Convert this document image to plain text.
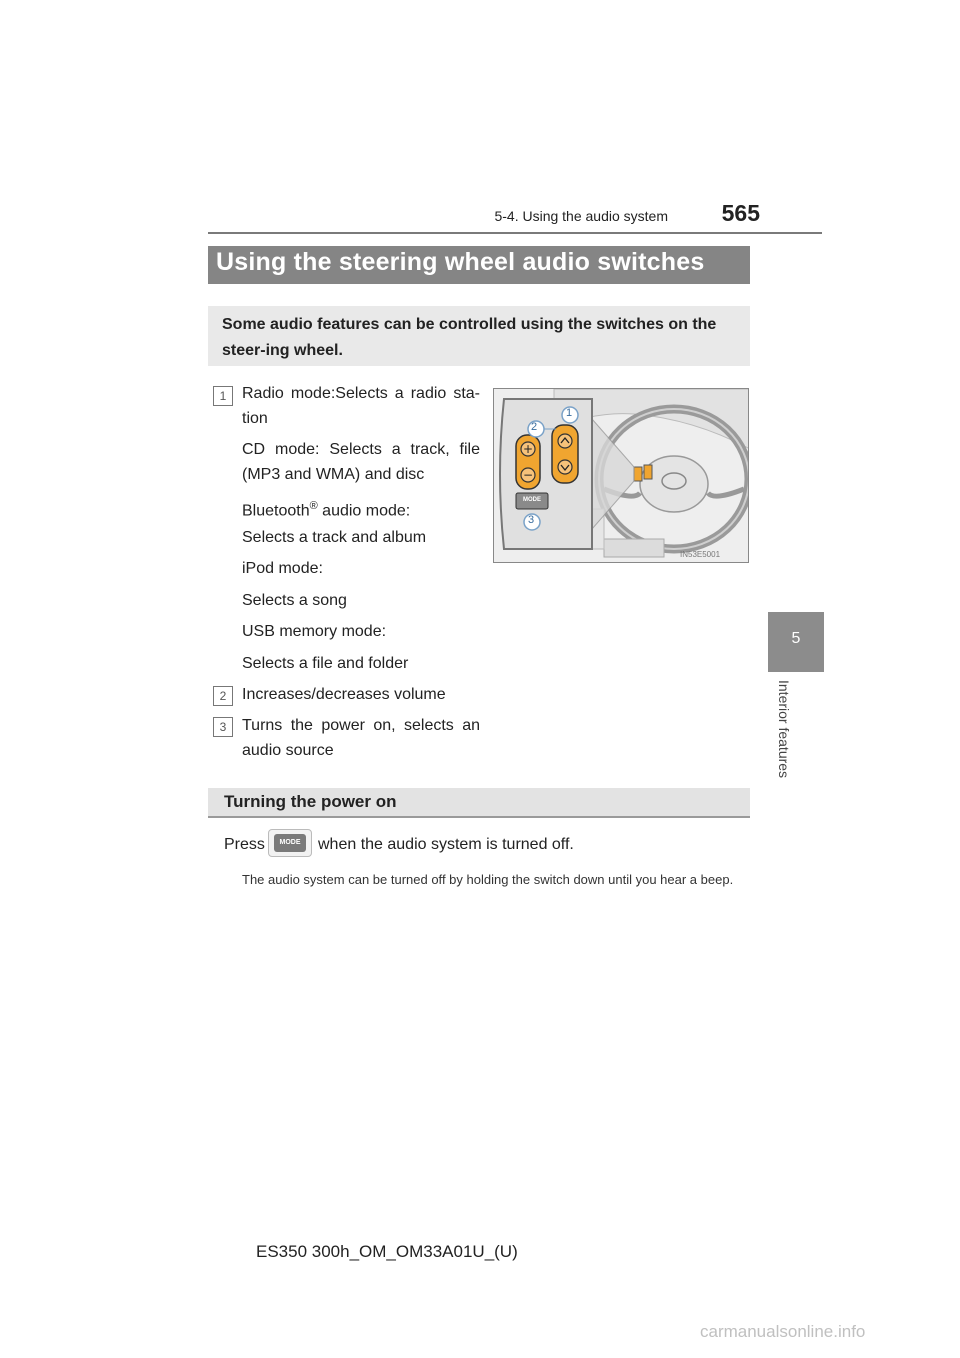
5-4. Using the audio system	565
5
Interior features
Using the steering wheel audio switches
Some audio features can be controlled using the switches on the steer-ing wheel.
1 Radio mode:Selects a radio sta-
tion
CD mode: Selects a track, file
(MP3 and WMA) and disc
Bluetooth® audio mode:
Selects a track and album
iPod mode:
Selects a song
USB memory mode:
Selects a file and folder
2 Increases/decreases volume
3 Turns the power on, selects an
audio source
+
−
2
1
3
MODE
IN53E5001
Turning the power on
Press	MODE	when the audio system is turned off.
The audio system can be turned off by holding the switch down until you hear a beep.
ES350 300h_OM_OM33A01U_(U)
carmanualsonline.info
